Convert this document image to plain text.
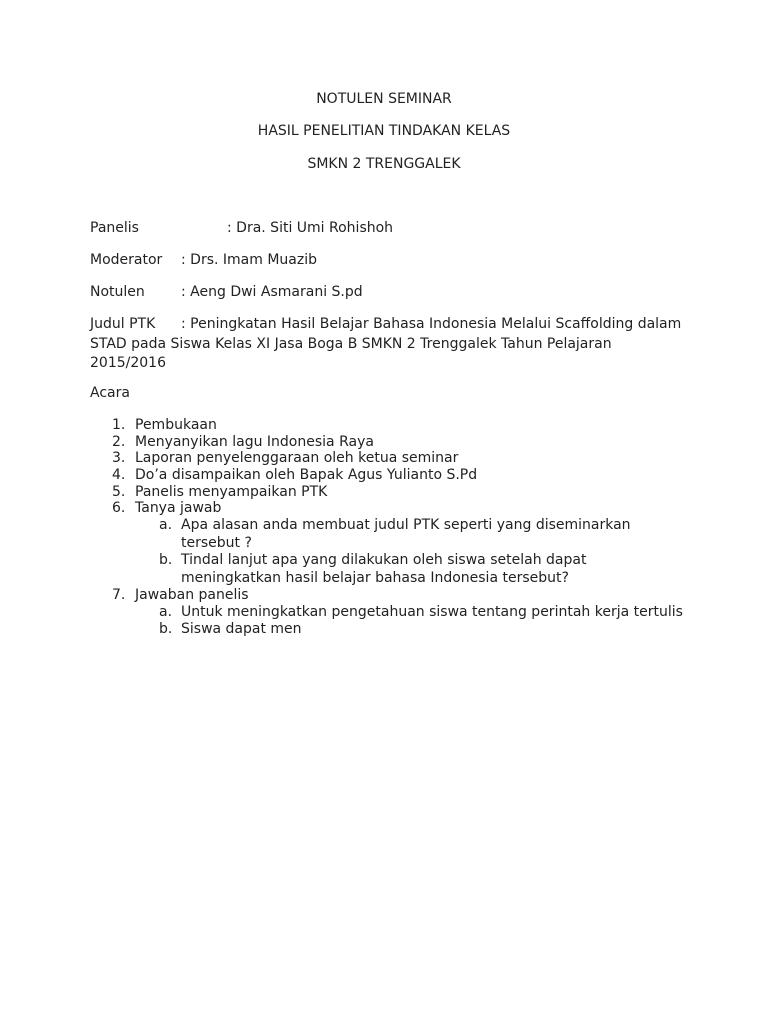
NOTULEN SEMINAR
HASIL PENELITIAN TINDAKAN KELAS
SMKN 2 TRENGGALEK
Panelis	: Dra. Siti Umi Rohishoh
Moderator : Drs. Imam Muazib
Notulen	: Aeng Dwi Asmarani S.pd
Judul PTK : Peningkatan Hasil Belajar Bahasa Indonesia Melalui Scaffolding dalam
STAD pada Siswa Kelas XI Jasa Boga B SMKN 2 Trenggalek Tahun Pelajaran
2015/2016
Acara
1. Pembukaan
2. Menyanyikan lagu Indonesia Raya
3. Laporan penyelenggaraan oleh ketua seminar
4. Do’a disampaikan oleh Bapak Agus Yulianto S.Pd
5. Panelis menyampaikan PTK
6. Tanya jawab
a. Apa alasan anda membuat judul PTK seperti yang diseminarkan
tersebut ?
b. Tindal lanjut apa yang dilakukan oleh siswa setelah dapat
meningkatkan hasil belajar bahasa Indonesia tersebut?
7. Jawaban panelis
a. Untuk meningkatkan pengetahuan siswa tentang perintah kerja tertulis
b. Siswa dapat men
